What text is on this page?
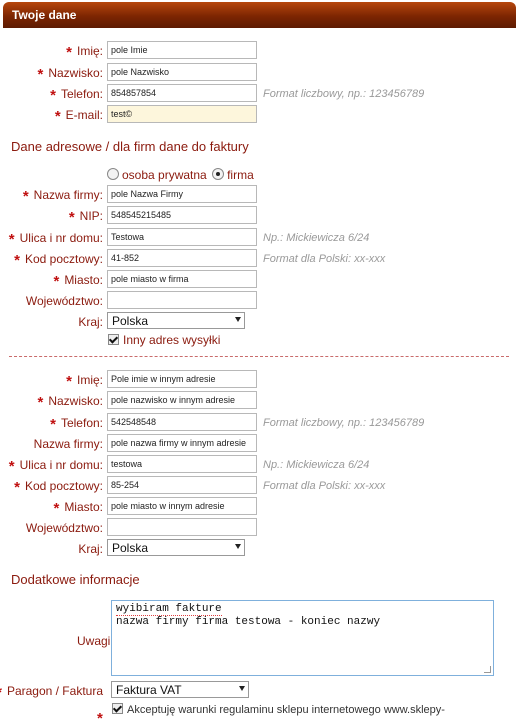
Twoje dane
* Imię: pole Imie
* Nazwisko: pole Nazwisko
* Telefon: 854857854	Format liczbowy, np.: 123456789
* E-mail: test©
Dane adresowe / dla firm dane do faktury
osoba prywatna firma
* Nazwa firmy: pole Nazwa Firmy
* NIP: 548545215485
* Ulica i nr domu: Testowa	Np.: Mickiewicza 6/24
* Kod pocztowy: 41-852	Format dla Polski: xx-xxx
* Miasto: pole miasto w firma
Województwo:
Kraj: Polska
Inny adres wysyłki
* Imię: Pole imie w innym adresie
* Nazwisko: pole nazwisko w innym adresie
* Telefon: 542548548	Format liczbowy, np.: 123456789
Nazwa firmy: pole nazwa firmy w innym adresie
* Ulica i nr domu: testowa	Np.: Mickiewicza 6/24
* Kod pocztowy: 85-254	Format dla Polski: xx-xxx
* Miasto: pole miasto w innym adresie
Województwo:
Kraj: Polska
Dodatkowe informacje
Uwagi
wyibiram fakture
nazwa firmy firma testowa - koniec nazwy
Paragon / Faktura Faktura VAT
*	Akceptuję warunki regulaminu sklepu internetowego www.sklepy-
